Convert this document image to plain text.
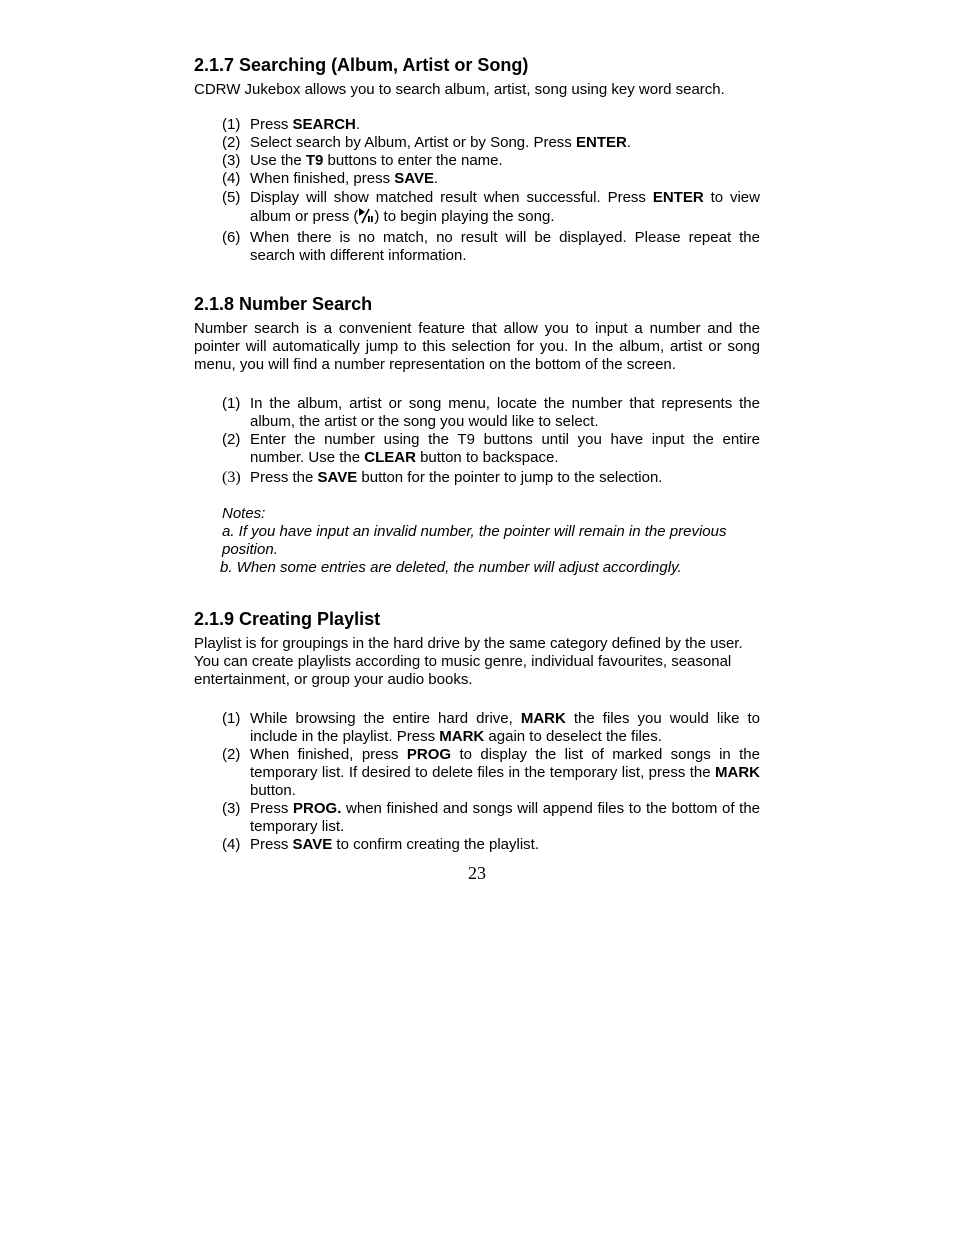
2.1.7 Searching (Album, Artist or Song)

CDRW Jukebox allows you to search album, artist, song using key word search.

(1) Press SEARCH.
(2) Select search by Album, Artist or by Song. Press ENTER.
(3) Use the T9 buttons to enter the name.
(4) When finished, press SAVE.
(5) Display will show matched result when successful. Press ENTER to view album or press ( ) to begin playing the song.
(6) When there is no match, no result will be displayed. Please repeat the search with different information.
2.1.8 Number Search

Number search is a convenient feature that allow you to input a number and the pointer will automatically jump to this selection for you. In the album, artist or song menu, you will find a number representation on the bottom of the screen.

(1) In the album, artist or song menu, locate the number that represents the album, the artist or the song you would like to select.
(2) Enter the number using the T9 buttons until you have input the entire number. Use the CLEAR button to backspace.
(3) Press the SAVE button for the pointer to jump to the selection.
Notes:
a. If you have input an invalid number, the pointer will remain in the previous position.
b. When some entries are deleted, the number will adjust accordingly.
2.1.9 Creating Playlist

Playlist is for groupings in the hard drive by the same category defined by the user. You can create playlists according to music genre, individual favourites, seasonal entertainment, or group your audio books.

(1) While browsing the entire hard drive, MARK the files you would like to include in the playlist. Press MARK again to deselect the files.
(2) When finished, press PROG to display the list of marked songs in the temporary list. If desired to delete files in the temporary list, press the MARK button.
(3) Press PROG. when finished and songs will append files to the bottom of the temporary list.
(4) Press SAVE to confirm creating the playlist.
23
